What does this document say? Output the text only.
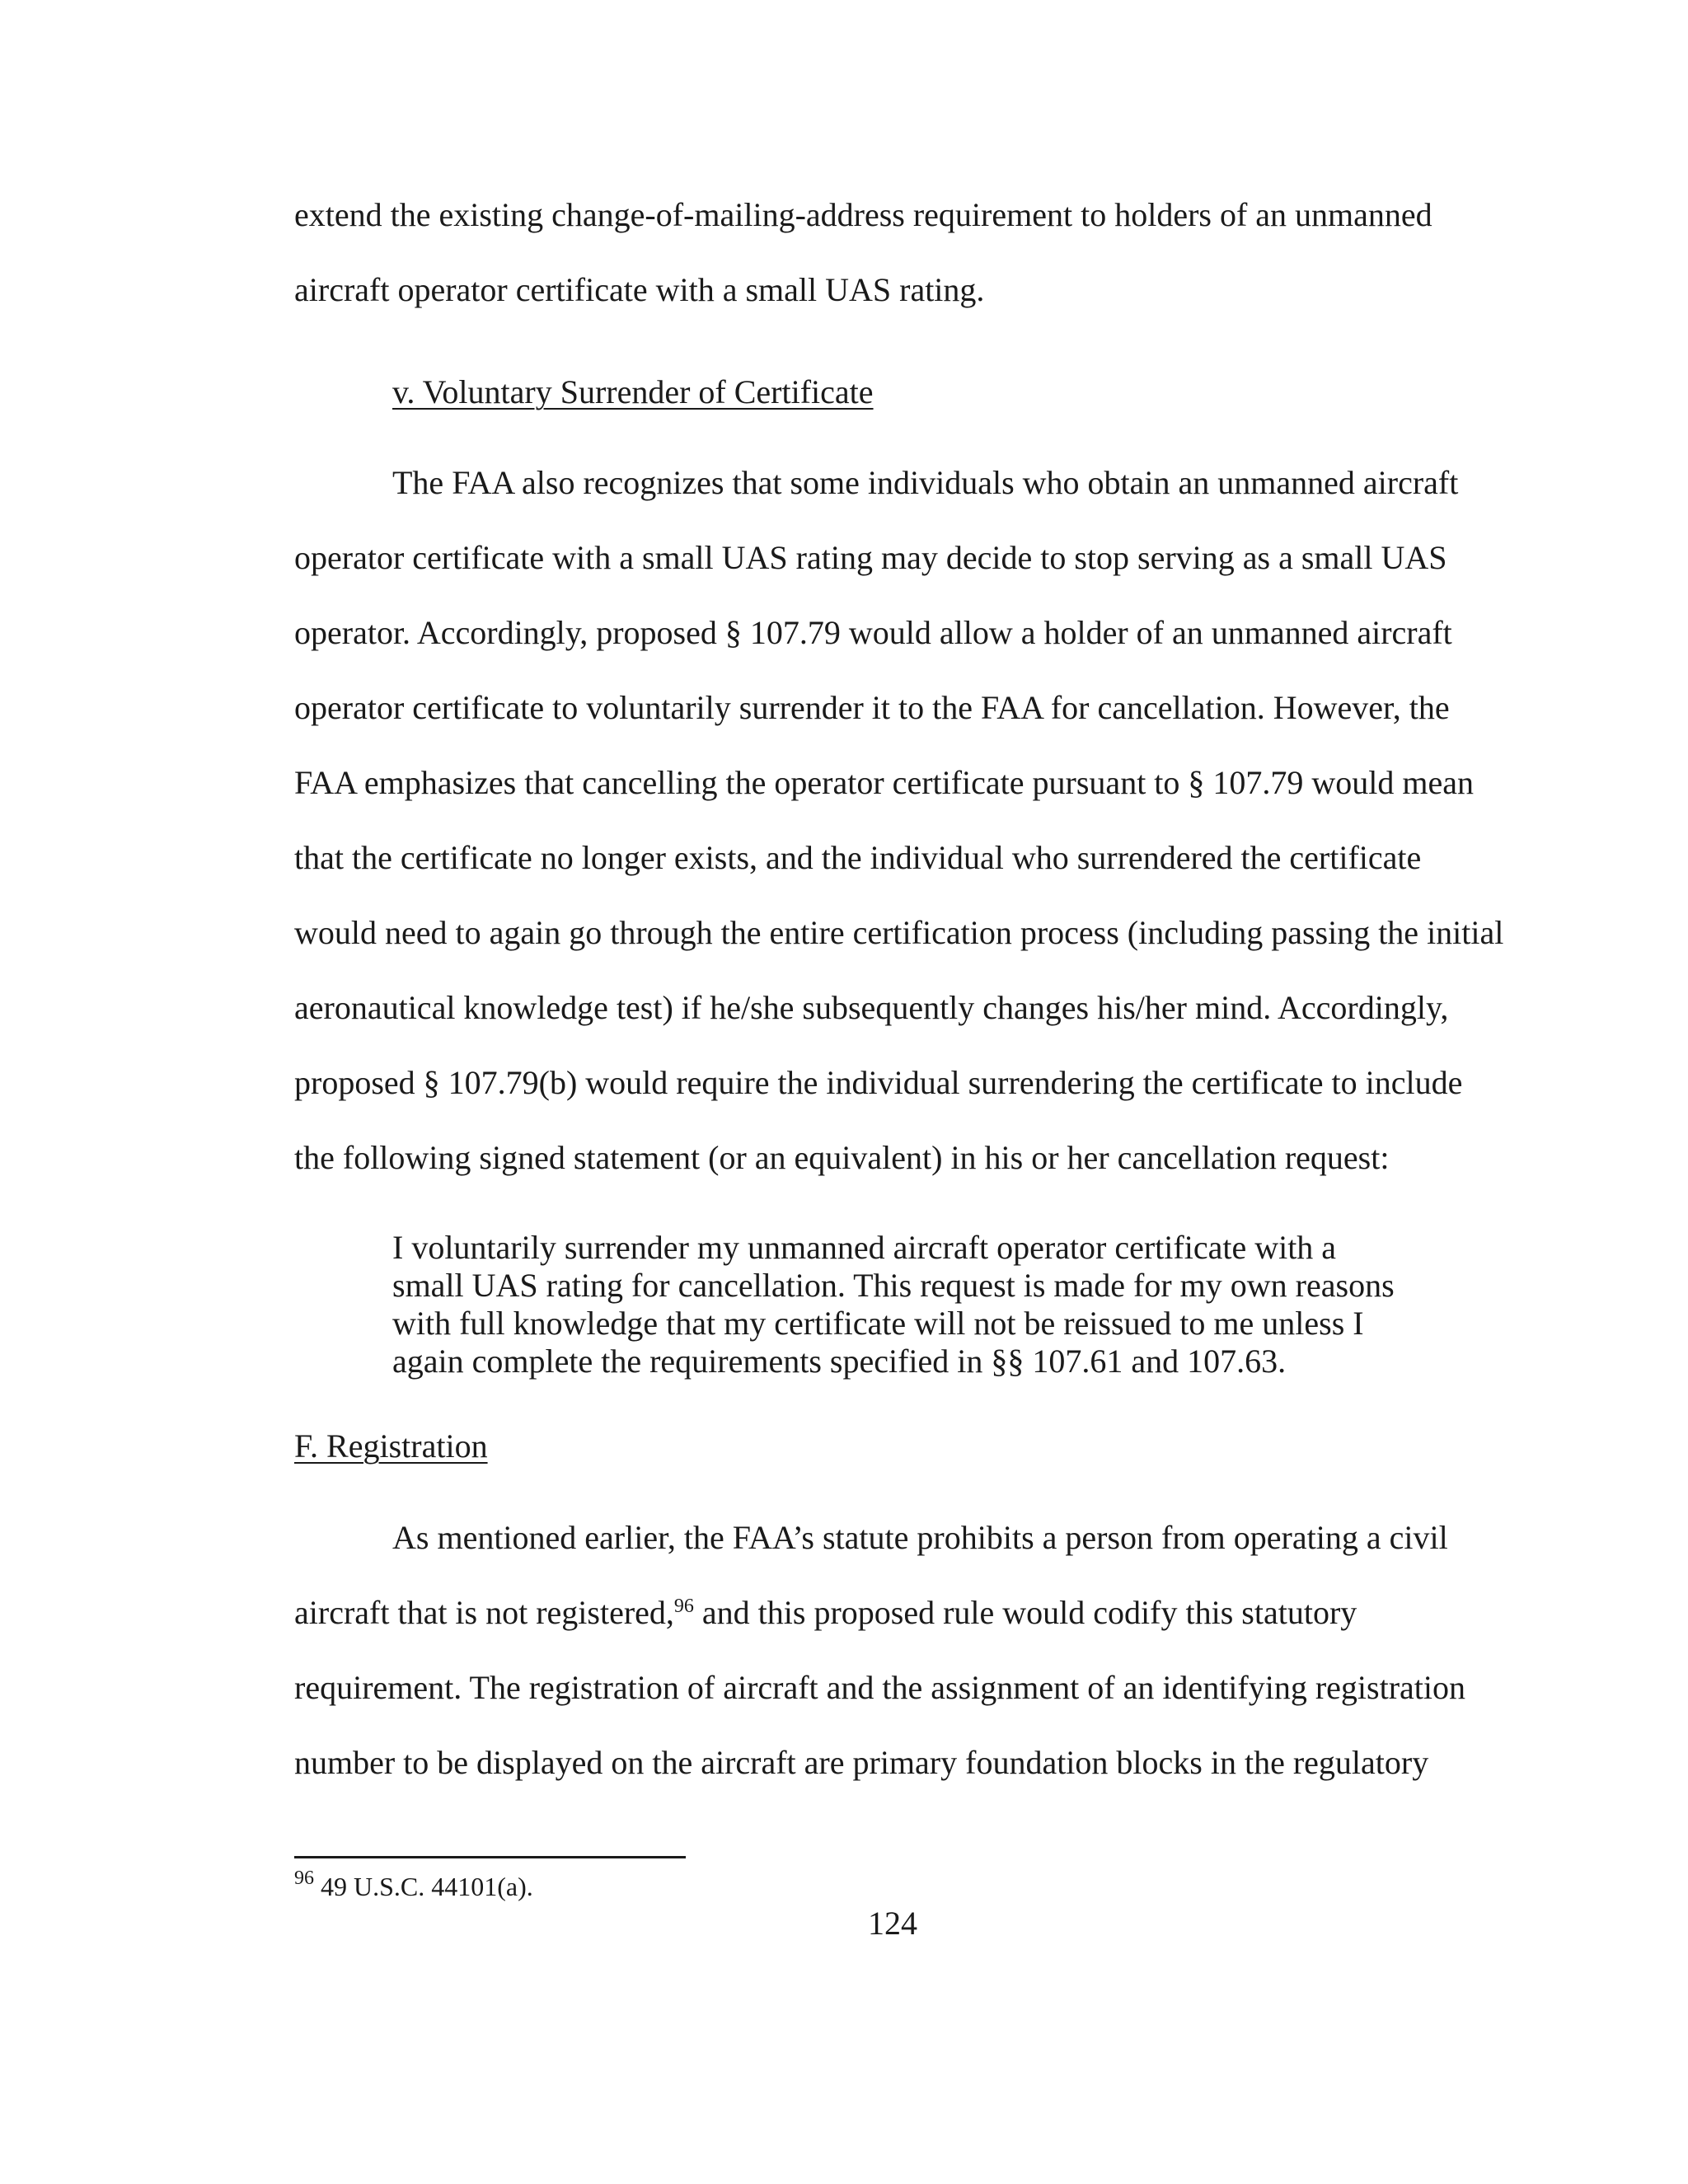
extend the existing change-of-mailing-address requirement to holders of an unmanned
aircraft operator certificate with a small UAS rating.
v. Voluntary Surrender of Certificate
The FAA also recognizes that some individuals who obtain an unmanned aircraft
operator certificate with a small UAS rating may decide to stop serving as a small UAS
operator. Accordingly, proposed § 107.79 would allow a holder of an unmanned aircraft
operator certificate to voluntarily surrender it to the FAA for cancellation. However, the
FAA emphasizes that cancelling the operator certificate pursuant to § 107.79 would mean
that the certificate no longer exists, and the individual who surrendered the certificate
would need to again go through the entire certification process (including passing the initial
aeronautical knowledge test) if he/she subsequently changes his/her mind. Accordingly,
proposed § 107.79(b) would require the individual surrendering the certificate to include
the following signed statement (or an equivalent) in his or her cancellation request:
I voluntarily surrender my unmanned aircraft operator certificate with a
small UAS rating for cancellation. This request is made for my own reasons
with full knowledge that my certificate will not be reissued to me unless I
again complete the requirements specified in §§ 107.61 and 107.63.
F. Registration
As mentioned earlier, the FAA’s statute prohibits a person from operating a civil
aircraft that is not registered,$^{96}$ and this proposed rule would codify this statutory
requirement. The registration of aircraft and the assignment of an identifying registration
number to be displayed on the aircraft are primary foundation blocks in the regulatory
$^{96}$ 49 U.S.C. 44101(a).
124
